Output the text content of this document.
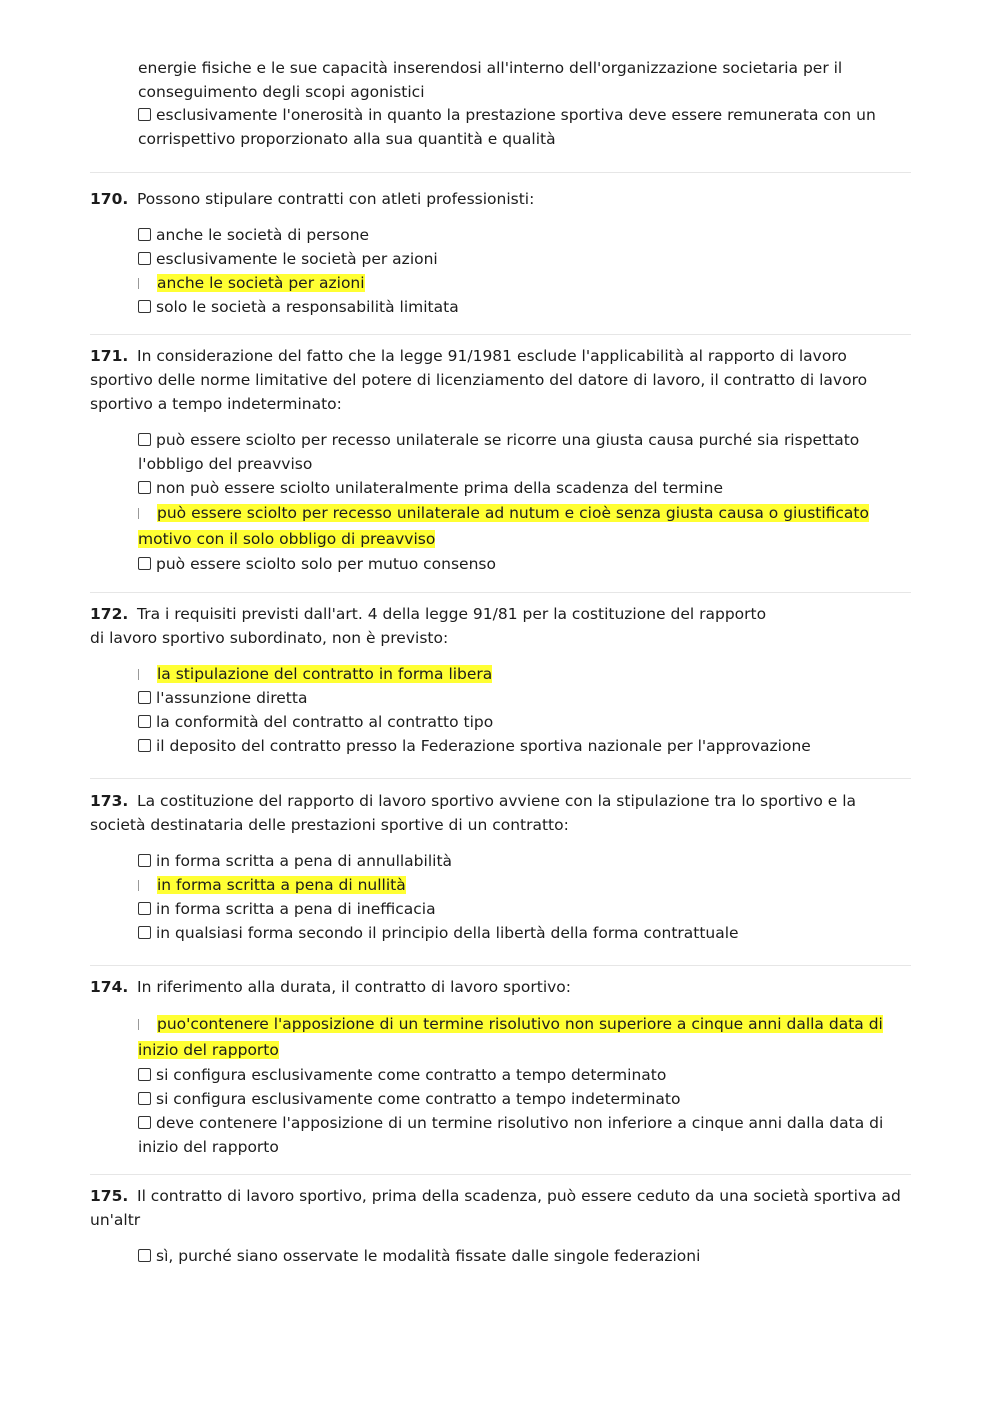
energie fisiche e le sue capacità inserendosi all'interno dell'organizzazione societaria per il conseguimento degli scopi agonistici

esclusivamente l'onerosità in quanto la prestazione sportiva deve essere remunerata con un corrispettivo proporzionato alla sua quantità e qualità

170. Possono stipulare contratti con atleti professionisti:

anche le società di persone

esclusivamente le società per azioni

anche le società per azioni

solo le società a responsabilità limitata

171. In considerazione del fatto che la legge 91/1981 esclude l'applicabilità al rapporto di lavoro sportivo delle norme limitative del potere di licenziamento del datore di lavoro, il contratto di lavoro sportivo a tempo indeterminato:

può essere sciolto per recesso unilaterale se ricorre una giusta causa purché sia rispettato l'obbligo del preavviso

non può essere sciolto unilateralmente prima della scadenza del termine

può essere sciolto per recesso unilaterale ad nutum e cioè senza giusta causa o giustificato motivo con il solo obbligo di preavviso

può essere sciolto solo per mutuo consenso

172. Tra i requisiti previsti dall'art. 4 della legge 91/81 per la costituzione del rapporto di lavoro sportivo subordinato, non è previsto:

la stipulazione del contratto in forma libera

l'assunzione diretta

la conformità del contratto al contratto tipo

il deposito del contratto presso la Federazione sportiva nazionale per l'approvazione

173. La costituzione del rapporto di lavoro sportivo avviene con la stipulazione tra lo sportivo e la società destinataria delle prestazioni sportive di un contratto:

in forma scritta a pena di annullabilità

in forma scritta a pena di nullità

in forma scritta a pena di inefficacia

in qualsiasi forma secondo il principio della libertà della forma contrattuale

174. In riferimento alla durata, il contratto di lavoro sportivo:

puo'contenere l'apposizione di un termine risolutivo non superiore a cinque anni dalla data di inizio del rapporto

si configura esclusivamente come contratto a tempo determinato

si configura esclusivamente come contratto a tempo indeterminato

deve contenere l'apposizione di un termine risolutivo non inferiore a cinque anni dalla data di inizio del rapporto

175. Il contratto di lavoro sportivo, prima della scadenza, può essere ceduto da una società sportiva ad un'altr

sì, purché siano osservate le modalità fissate dalle singole federazioni
